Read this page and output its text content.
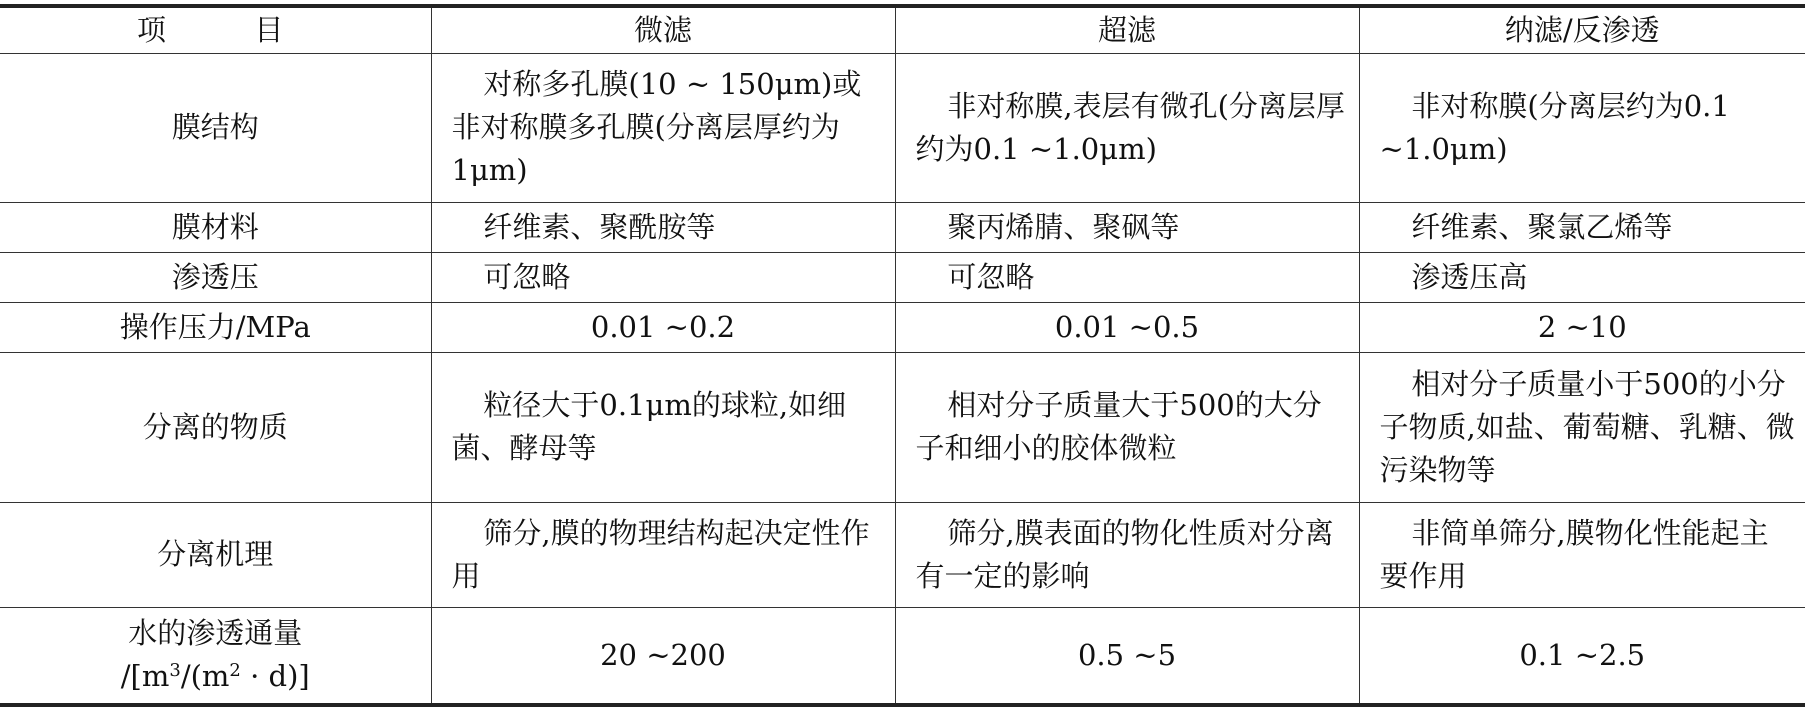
项　　目	微滤	超滤	纳滤/反渗透
膜结构	对称多孔膜(10 ~ 150μm)或非对称膜多孔膜(分离层厚约为1μm)	非对称膜,表层有微孔(分离层厚约为0.1 ~1.0μm)	非对称膜(分离层约为0.1 ~1.0μm)
膜材料	纤维素、聚酰胺等	聚丙烯腈、聚砜等	纤维素、聚氯乙烯等
渗透压	可忽略	可忽略	渗透压高
操作压力/MPa	0.01 ~0.2	0.01 ~0.5	2 ~10
分离的物质	粒径大于0.1μm的球粒,如细菌、酵母等	相对分子质量大于500的大分子和细小的胶体微粒	相对分子质量小于500的小分子物质,如盐、葡萄糖、乳糖、微污染物等
分离机理	筛分,膜的物理结构起决定性作用	筛分,膜表面的物化性质对分离有一定的影响	非简单筛分,膜物化性能起主要作用

水的渗透通量
$/[m^3/(m^2 \cdot d)]$	20 ~200	0.5 ~5	0.1 ~2.5
